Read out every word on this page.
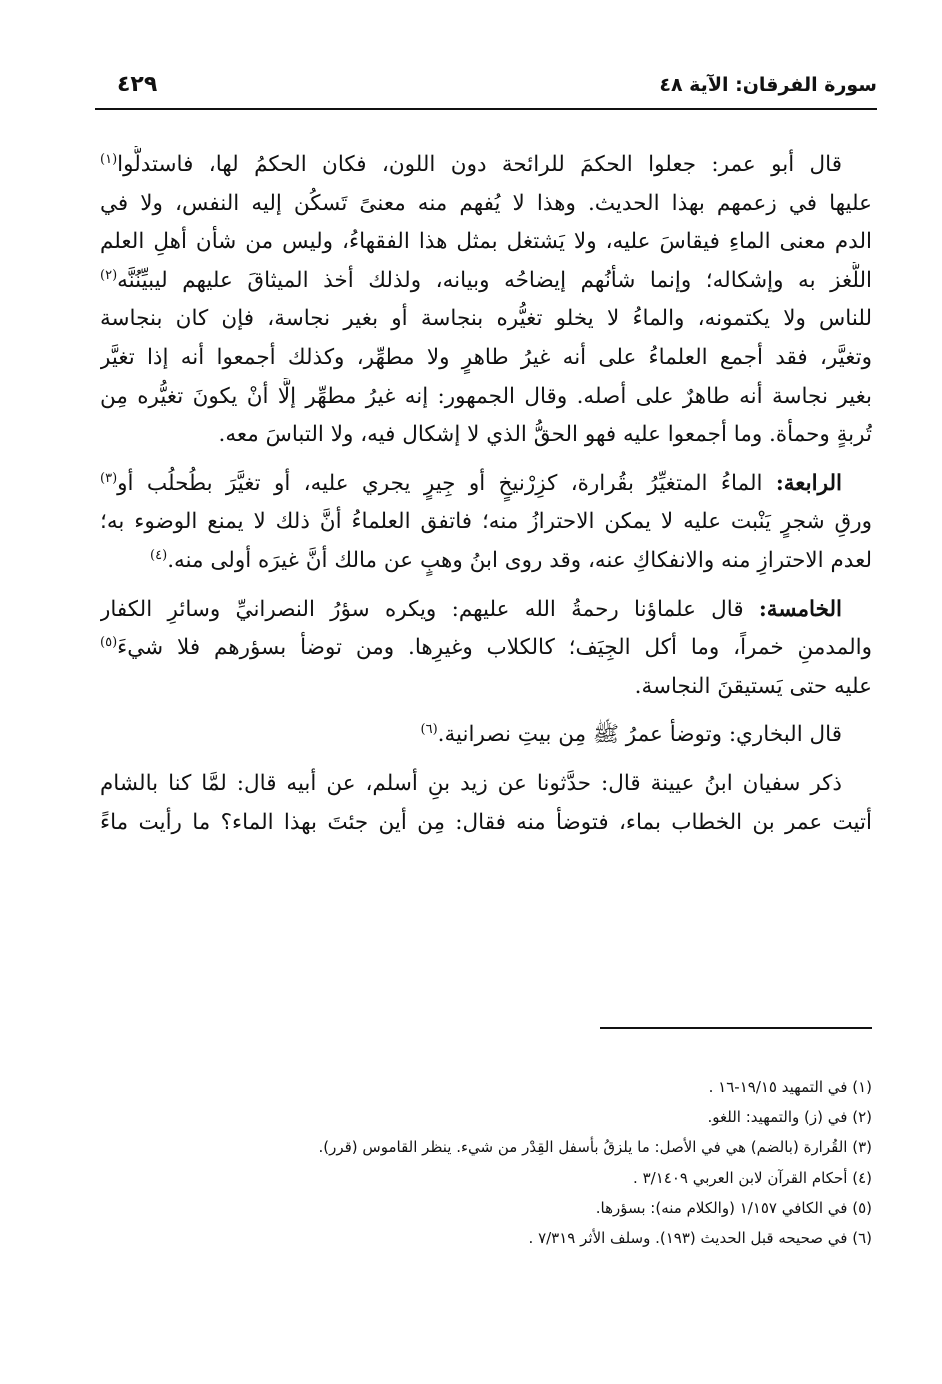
سورة الفرقان: الآية ٤٨
٤٢٩

قال أبو عمر: جعلوا الحكمَ للرائحة دون اللون، فكان الحكمُ لها، فاستدلُّوا$^{(١)}$
عليها في زعمهم بهذا الحديث. وهذا لا يُفهم منه معنىً تَسكُن إليه النفس، ولا في
الدم معنى الماءِ فيقاسَ عليه، ولا يَشتغل بمثل هذا الفقهاءُ، وليس من شأن أهلِ العلم
اللُّغز به وإشكاله؛ وإنما شأنُهم إيضاحُه وبيانه، ولذلك أخذ الميثاقَ عليهم ليبيِّنُنَّه$^{(٢)}$
للناس ولا يكتمونه، والماءُ لا يخلو تغيُّره بنجاسة أو بغير نجاسة، فإن كان بنجاسة
وتغيَّر، فقد أجمع العلماءُ على أنه غيرُ طاهرٍ ولا مطهِّر، وكذلك أجمعوا أنه إذا تغيَّر
بغير نجاسة أنه طاهرٌ على أصله. وقال الجمهور: إنه غيرُ مطهِّر إلَّا أنْ يكونَ تغيُّره مِن
تُربةٍ وحمأة. وما أجمعوا عليه فهو الحقُّ الذي لا إشكال فيه، ولا التباسَ معه.

الرابعة: الماءُ المتغيِّرُ بقُرارة، كزِرْنيخٍ أو جِيرٍ يجري عليه، أو تغيَّرَ بطُحلُب أو$^{(٣)}$
ورقِ شجرٍ يَنْبت عليه لا يمكن الاحترازُ منه؛ فاتفق العلماءُ أنَّ ذلك لا يمنع الوضوء به؛
لعدم الاحترازِ منه والانفكاكِ عنه، وقد روى ابنُ وهبٍ عن مالك أنَّ غيرَه أولى منه.$^{(٤)}$

الخامسة: قال علماؤنا رحمةُ الله عليهم: ويكره سؤرُ النصرانيِّ وسائرِ الكفار
والمدمنِ خمراً، وما أكل الجِيَف؛ كالكلاب وغيرِها. ومن توضأ بسؤرهم فلا شيءَ$^{(٥)}$
عليه حتى يَستيقنَ النجاسة.

قال البخاري: وتوضأ عمرُ ﷺ مِن بيتِ نصرانية.$^{(٦)}$

ذكر سفيان ابنُ عيينة قال: حدَّثونا عن زيد بنِ أسلم، عن أبيه قال: لمَّا كنا بالشام
أتيت عمر بن الخطاب بماء، فتوضأ منه فقال: مِن أين جئتَ بهذا الماء؟ ما رأيت ماءً

(١) في التمهيد ١٩/١٥-١٦ .
(٢) في (ز) والتمهيد: اللغو.
(٣) القُرارة (بالضم) هي في الأصل: ما يلزقُ بأسفل القِدْر من شيء. ينظر القاموس (قرر).
(٤) أحكام القرآن لابن العربي ٣/١٤٠٩ .
(٥) في الكافي ١/١٥٧ (والكلام منه): بسؤرها.
(٦) في صحيحه قبل الحديث (١٩٣). وسلف الأثر ٧/٣١٩ .
